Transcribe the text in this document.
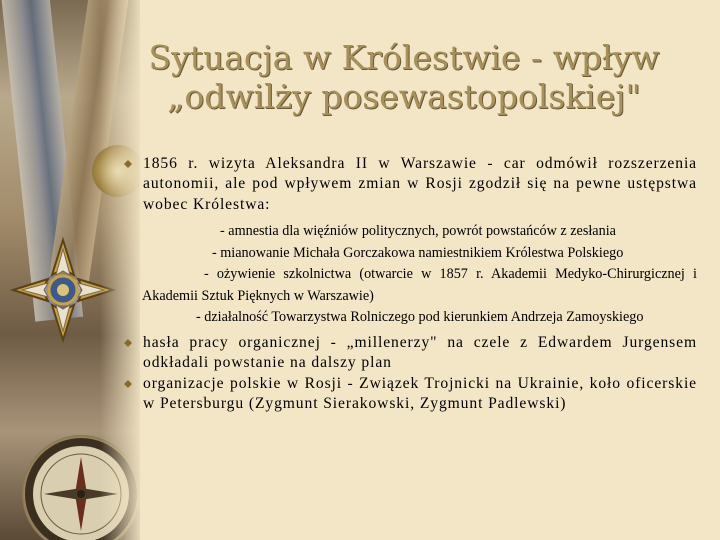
Sytuacja w Królestwie - wpływ
„odwilży posewastopolskiej"

1856 r. wizyta Aleksandra II w Warszawie - car odmówił rozszerzenia autonomii, ale pod wpływem zmian w Rosji zgodził się na pewne ustępstwa wobec Królestwa:

- amnestia dla więźniów politycznych, powrót powstańców z zesłania

- mianowanie Michała Gorczakowa namiestnikiem Królestwa Polskiego

- ożywienie szkolnictwa (otwarcie w 1857 r. Akademii Medyko-Chirurgicznej i Akademii Sztuk Pięknych w Warszawie)

- działalność Towarzystwa Rolniczego pod kierunkiem Andrzeja Zamoyskiego

hasła pracy organicznej - „millenerzy" na czele z Edwardem Jurgensem odkładali powstanie na dalszy plan

organizacje polskie w Rosji - Związek Trojnicki na Ukrainie, koło oficerskie w Petersburgu (Zygmunt Sierakowski, Zygmunt Padlewski)
